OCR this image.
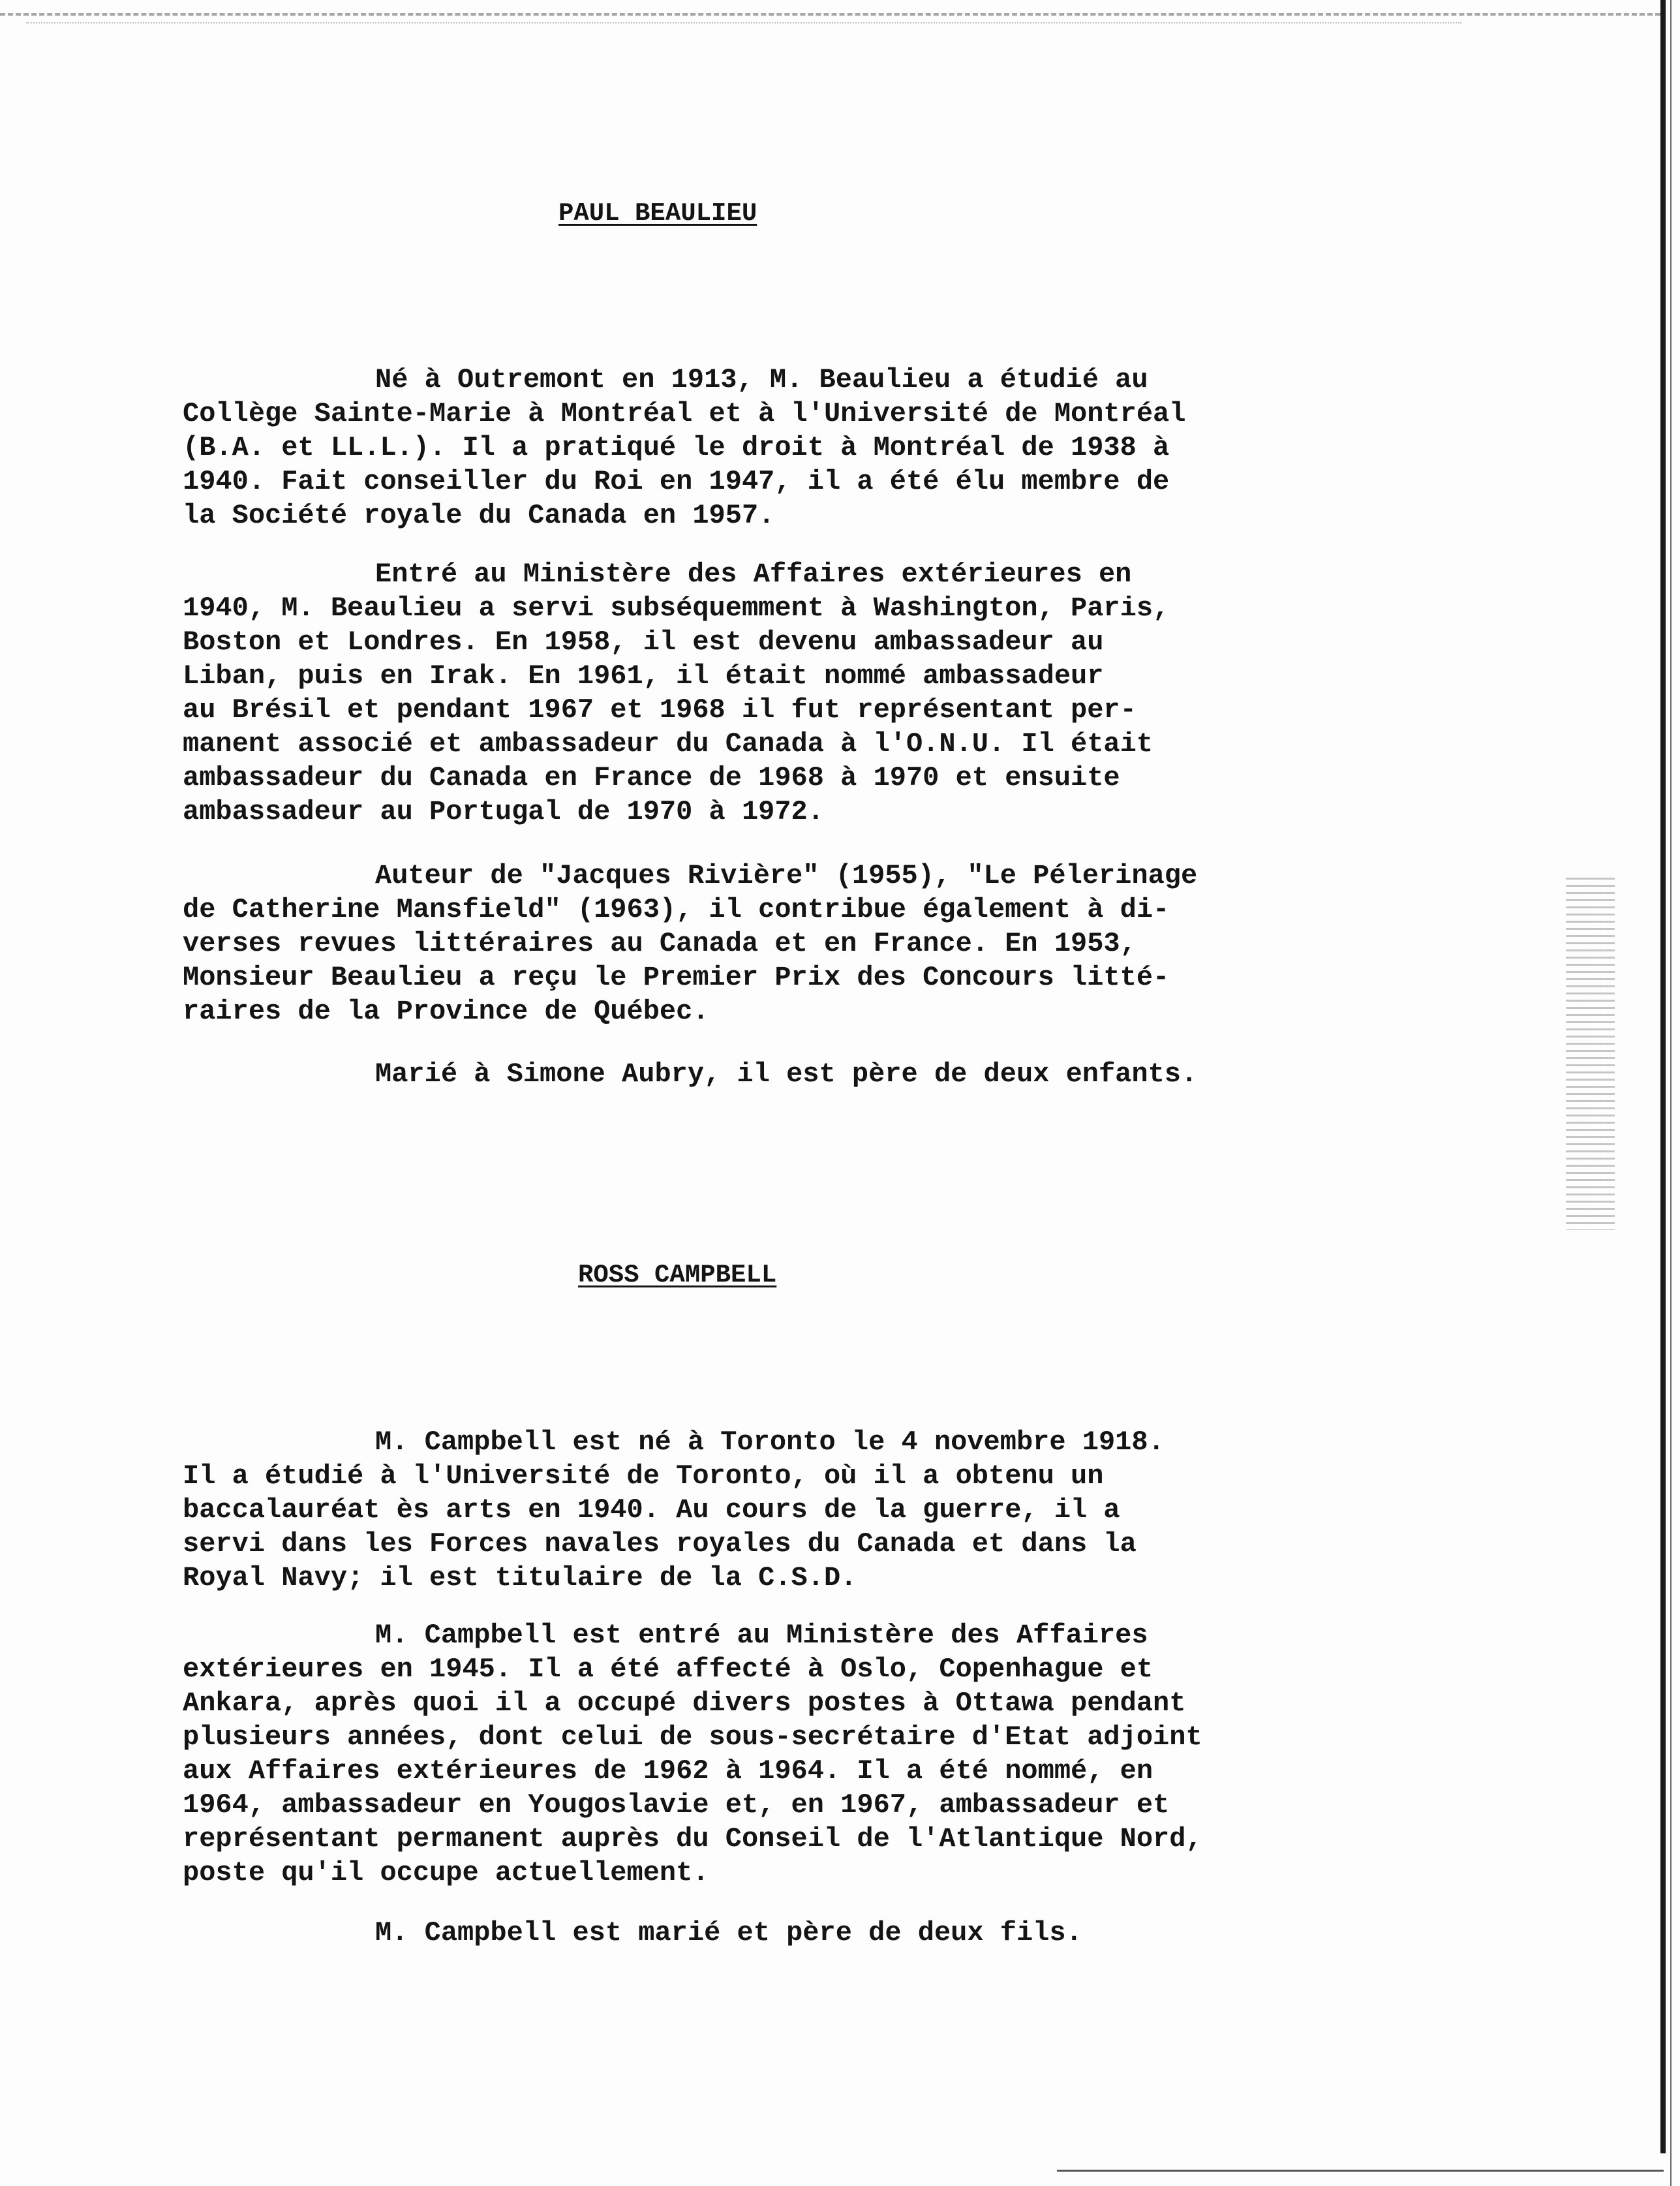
PAUL BEAULIEU
Né à Outremont en 1913, M. Beaulieu a étudié au
Collège Sainte-Marie à Montréal et à l'Université de Montréal
(B.A. et LL.L.). Il a pratiqué le droit à Montréal de 1938 à
1940. Fait conseiller du Roi en 1947, il a été élu membre de
la Société royale du Canada en 1957.
Entré au Ministère des Affaires extérieures en
1940, M. Beaulieu a servi subséquemment à Washington, Paris,
Boston et Londres. En 1958, il est devenu ambassadeur au
Liban, puis en Irak. En 1961, il était nommé ambassadeur
au Brésil et pendant 1967 et 1968 il fut représentant per-
manent associé et ambassadeur du Canada à l'O.N.U. Il était
ambassadeur du Canada en France de 1968 à 1970 et ensuite
ambassadeur au Portugal de 1970 à 1972.
Auteur de "Jacques Rivière" (1955), "Le Pélerinage
de Catherine Mansfield" (1963), il contribue également à di-
verses revues littéraires au Canada et en France. En 1953,
Monsieur Beaulieu a reçu le Premier Prix des Concours litté-
raires de la Province de Québec.
Marié à Simone Aubry, il est père de deux enfants.
ROSS CAMPBELL
M. Campbell est né à Toronto le 4 novembre 1918.
Il a étudié à l'Université de Toronto, où il a obtenu un
baccalauréat ès arts en 1940. Au cours de la guerre, il a
servi dans les Forces navales royales du Canada et dans la
Royal Navy; il est titulaire de la C.S.D.
M. Campbell est entré au Ministère des Affaires
extérieures en 1945. Il a été affecté à Oslo, Copenhague et
Ankara, après quoi il a occupé divers postes à Ottawa pendant
plusieurs années, dont celui de sous-secrétaire d'Etat adjoint
aux Affaires extérieures de 1962 à 1964. Il a été nommé, en
1964, ambassadeur en Yougoslavie et, en 1967, ambassadeur et
représentant permanent auprès du Conseil de l'Atlantique Nord,
poste qu'il occupe actuellement.
M. Campbell est marié et père de deux fils.
